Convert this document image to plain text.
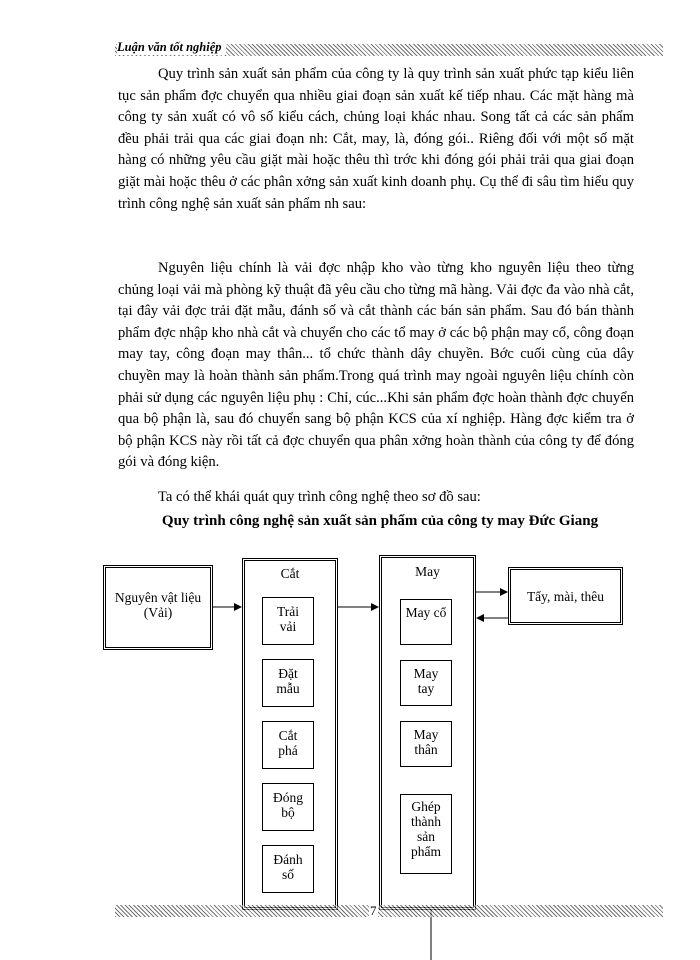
Luận văn tốt nghiệp

Quy trình sản xuất sản phẩm của công ty là quy trình sản xuất phức tạp kiểu liên tục sản phẩm đợc chuyển qua nhiều giai đoạn sản xuất kế tiếp nhau. Các mặt hàng mà công ty sản xuất có vô số kiểu cách, chủng loại khác nhau. Song tất cả các sản phẩm đều phải trải qua các giai đoạn nh: Cắt, may, là, đóng gói.. Riêng đối với một số mặt hàng có những yêu cầu giặt mài hoặc thêu thì trớc khi đóng gói phải trải qua giai đoạn giặt mài hoặc thêu ở các phân xởng sản xuất kinh doanh phụ. Cụ thể đi sâu tìm hiểu quy trình công nghệ sản xuất sản phẩm nh sau:

Nguyên liệu chính là vải đợc nhập kho vào từng kho nguyên liệu theo từng chủng loại vải mà phòng kỹ thuật đã yêu cầu cho từng mã hàng. Vải đợc đa vào nhà cắt, tại đây vải đợc trải đặt mẫu, đánh số và cắt thành các bán sản phẩm. Sau đó bán thành phẩm đợc nhập kho nhà cắt và chuyển cho các tổ may ở các bộ phận may cổ, công đoạn may tay, công đoạn may thân... tổ chức thành dây chuyền. Bớc cuối cùng của dây chuyền may là hoàn thành sản phẩm.Trong quá trình may ngoài nguyên liệu chính còn phải sử dụng các nguyên liệu phụ : Chỉ, cúc...Khi sản phẩm đợc hoàn thành đợc chuyển qua bộ phận là, sau đó chuyển sang bộ phận KCS của xí nghiệp. Hàng đợc kiểm tra ở bộ phận KCS này rồi tất cả đợc chuyển qua phân xởng hoàn thành của công ty để đóng gói và đóng kiện.

Ta có thể khái quát quy trình công nghệ theo sơ đồ sau:

Quy trình công nghệ sản xuất sản phẩm của công ty may Đức Giang

Nguyên vật liệu (Vải)
Cắt
Trải vải
Đặt mẫu
Cắt phá
Đóng bộ
Đánh số
May
May cổ
May tay
May thân
Ghép thành sản phẩm
Tẩy, mài, thêu
7
